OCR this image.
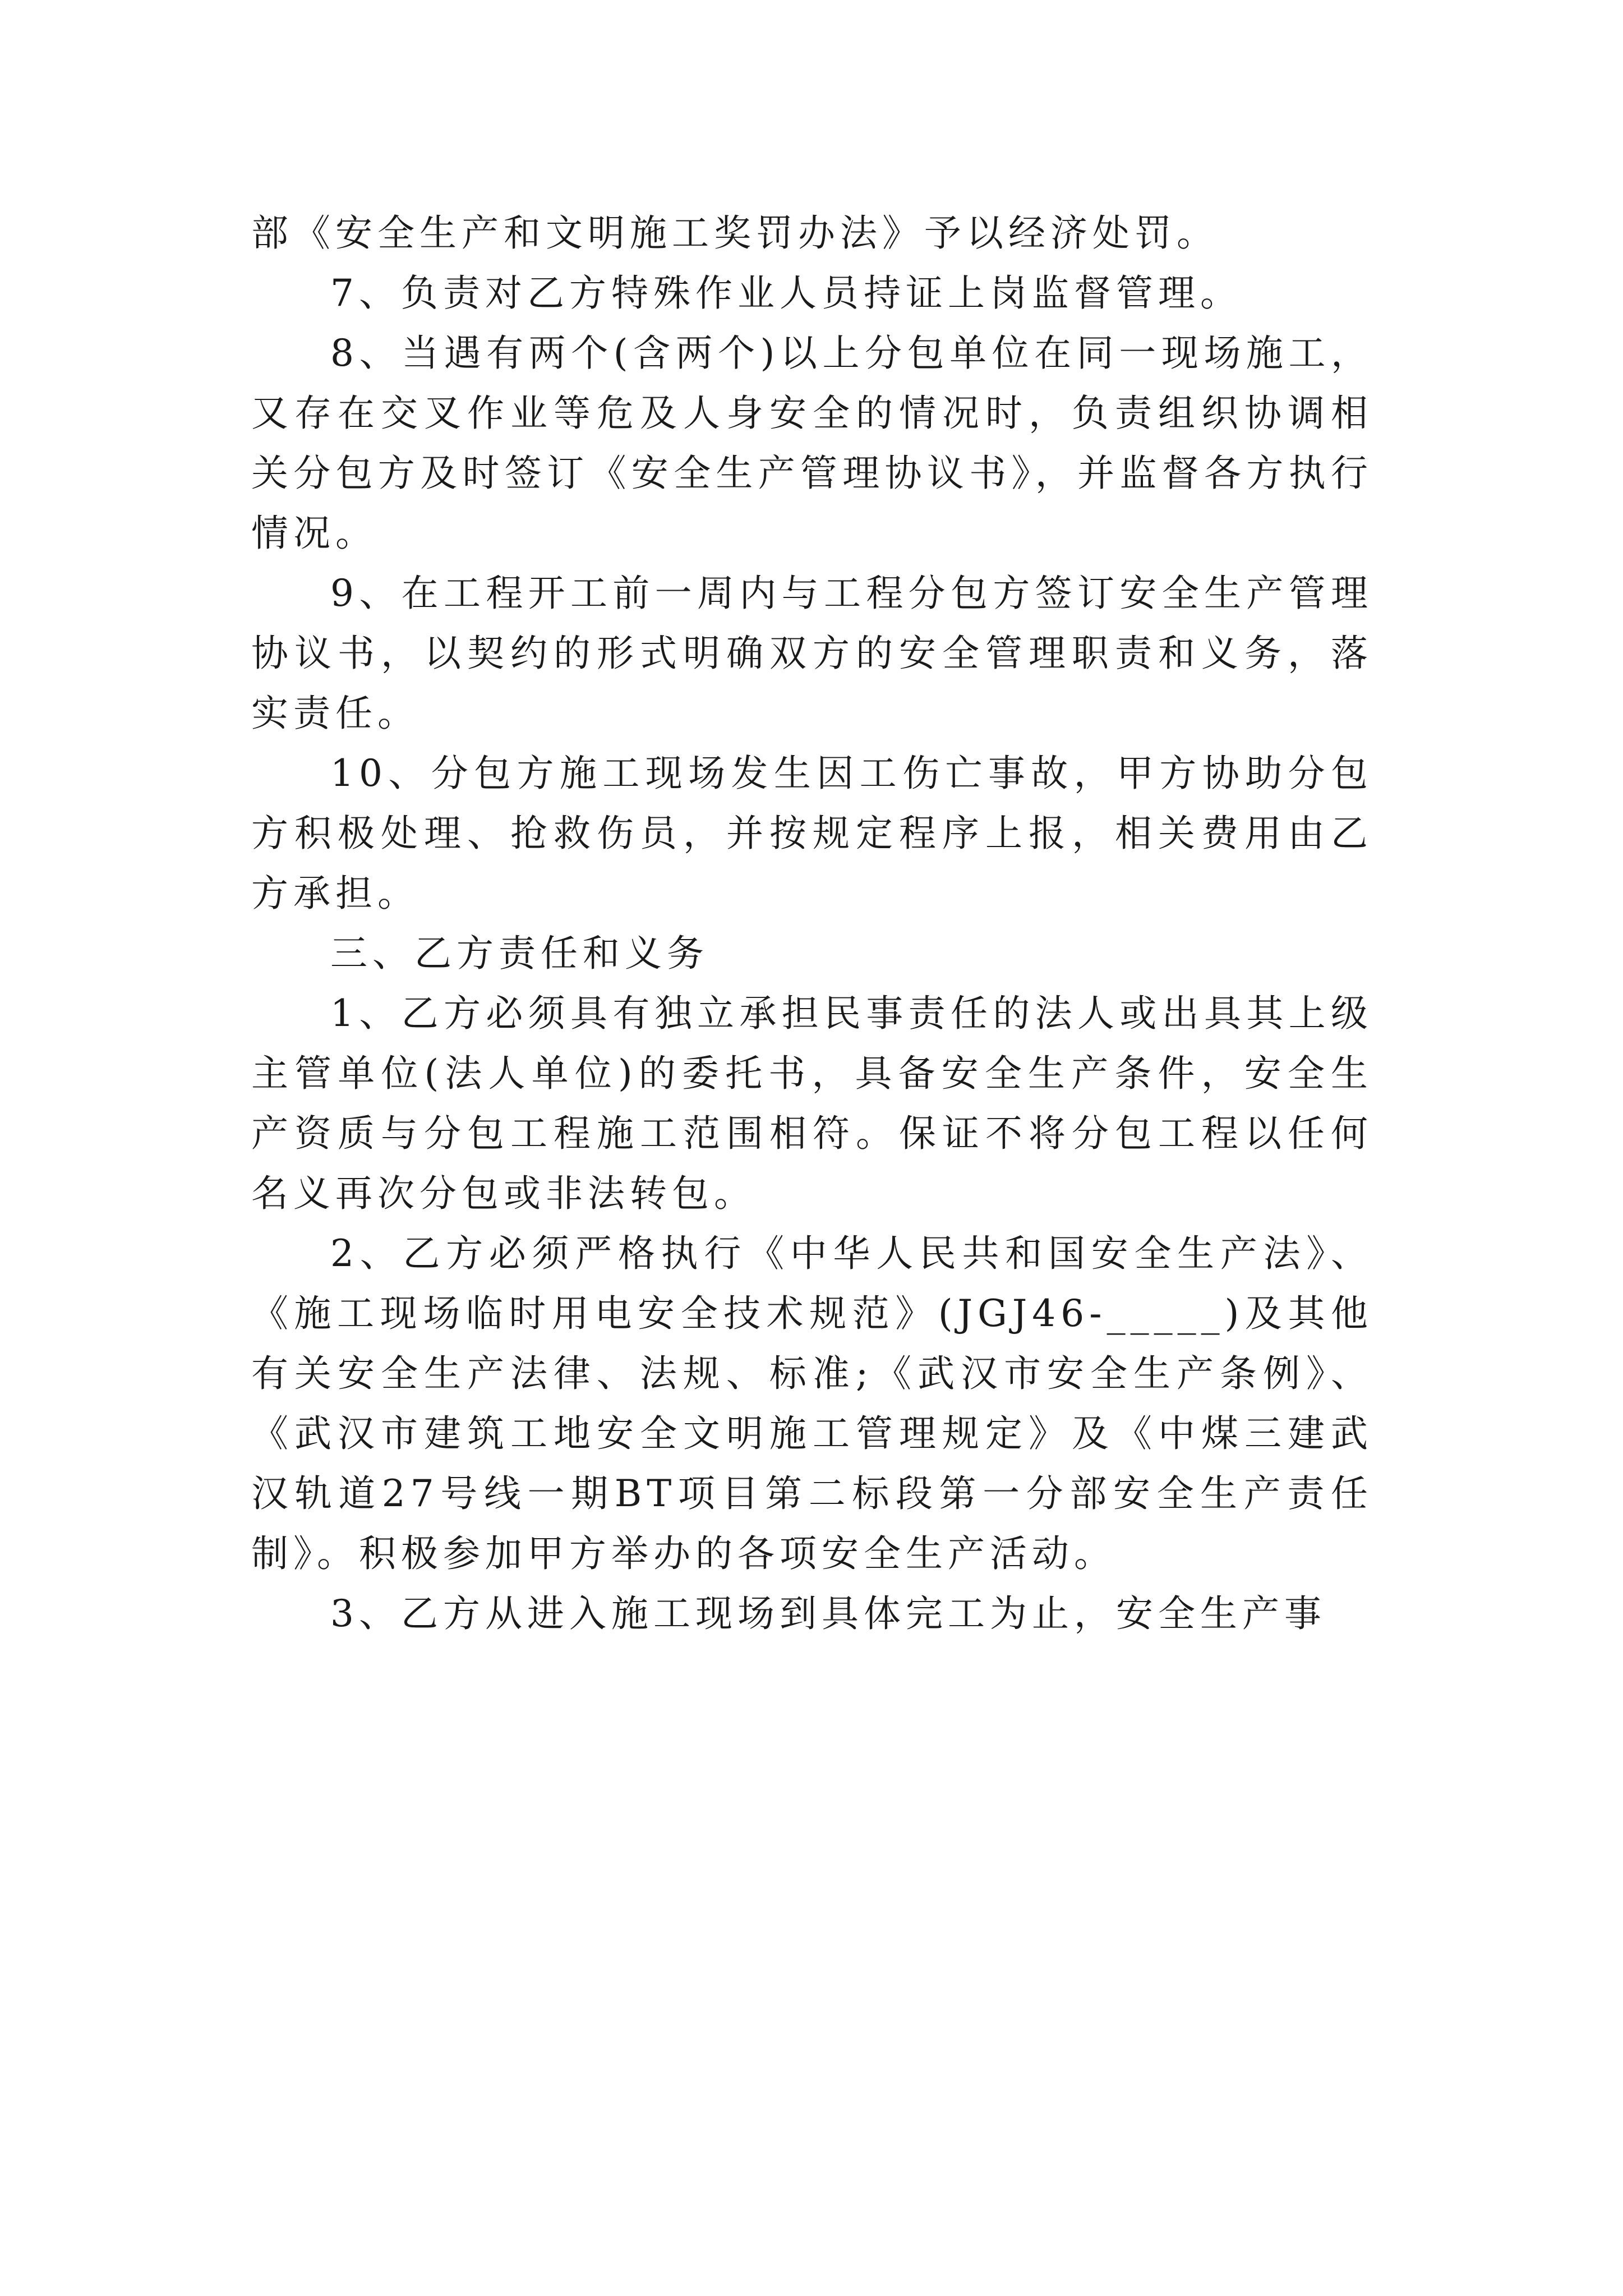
部《安全生产和文明施工奖罚办法》予以经济处罚。

7、负责对乙方特殊作业人员持证上岗监督管理。

8、当遇有两个(含两个)以上分包单位在同一现场施工，又存在交叉作业等危及人身安全的情况时，负责组织协调相关分包方及时签订《安全生产管理协议书》，并监督各方执行情况。

9、在工程开工前一周内与工程分包方签订安全生产管理协议书，以契约的形式明确双方的安全管理职责和义务，落实责任。

10、分包方施工现场发生因工伤亡事故，甲方协助分包方积极处理、抢救伤员，并按规定程序上报，相关费用由乙方承担。

三、乙方责任和义务

1、乙方必须具有独立承担民事责任的法人或出具其上级主管单位(法人单位)的委托书，具备安全生产条件，安全生产资质与分包工程施工范围相符。保证不将分包工程以任何名义再次分包或非法转包。

2、乙方必须严格执行《中华人民共和国安全生产法》、《施工现场临时用电安全技术规范》(JGJ46-_____)及其他有关安全生产法律、法规、标准;《武汉市安全生产条例》、《武汉市建筑工地安全文明施工管理规定》及《中煤三建武汉轨道27号线一期BT项目第二标段第一分部安全生产责任制》。积极参加甲方举办的各项安全生产活动。

3、乙方从进入施工现场到具体完工为止，安全生产事
